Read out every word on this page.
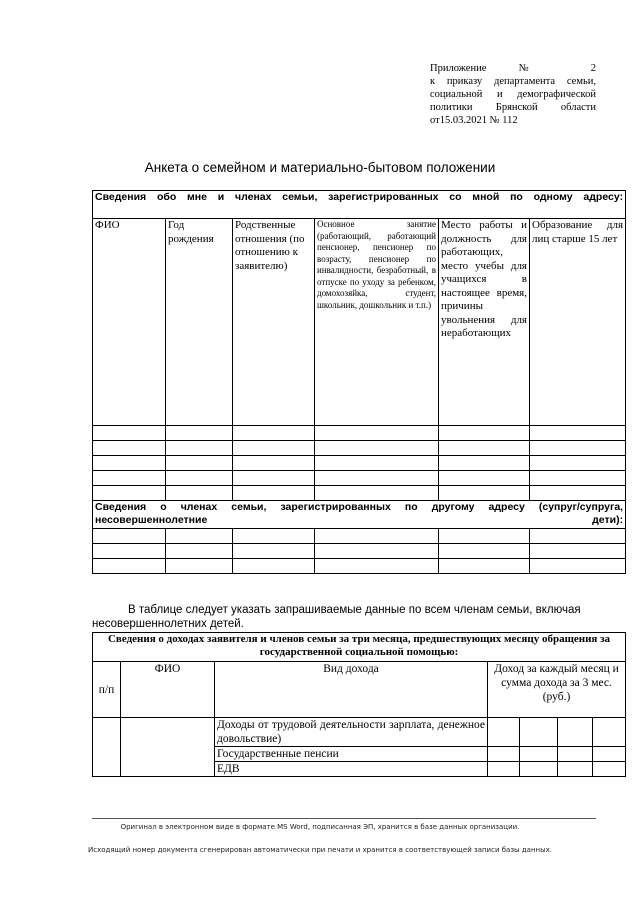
Приложение № 2
к приказу департамента семьи,
социальной и демографической
политики Брянской области
от15.03.2021 № 112
Анкета о семейном и материально-бытовом положении
Сведения обо мне и членах семьи, зарегистрированных со мной по одному адресу:					
ФИО	Год рождения	Родственные отношения (по отношению к заявителю)	Основное занятие (работающий, работающий пенсионер, пенсионер по возрасту, пенсионер по инвалидности, безработный, в отпуске по уходу за ребенком, домохозяйка, студент, школьник, дошкольник и т.п.)	Место работы и должность для работающих, место учебы для учащихся в настоящее время, причины увольнения для неработающих	Образование для лиц старше 15 лет

Сведения о членах семьи, зарегистрированных по другому адресу (супруг/супруга, несовершеннолетние дети):					

В таблице следует указать запрашиваемые данные по всем членам семьи, включая несовершеннолетних детей.
Сведения о доходах заявителя и членов семьи за три месяца, предшествующих месяцу обращения за государственной социальной помощью:						
п/п	ФИО	Вид дохода	Доход за каждый месяц и сумма дохода за 3 мес. (руб.)			
		Доходы от трудовой деятельности зарплата, денежное довольствие)				
		Государственные пенсии				
		ЕДВ				
Оригинал в электронном виде в формате MS Word, подписанная ЭП, хранится в базе данных организации.
Исходящий номер документа сгенерирован автоматически при печати и хранится в соответствующей записи базы данных.
